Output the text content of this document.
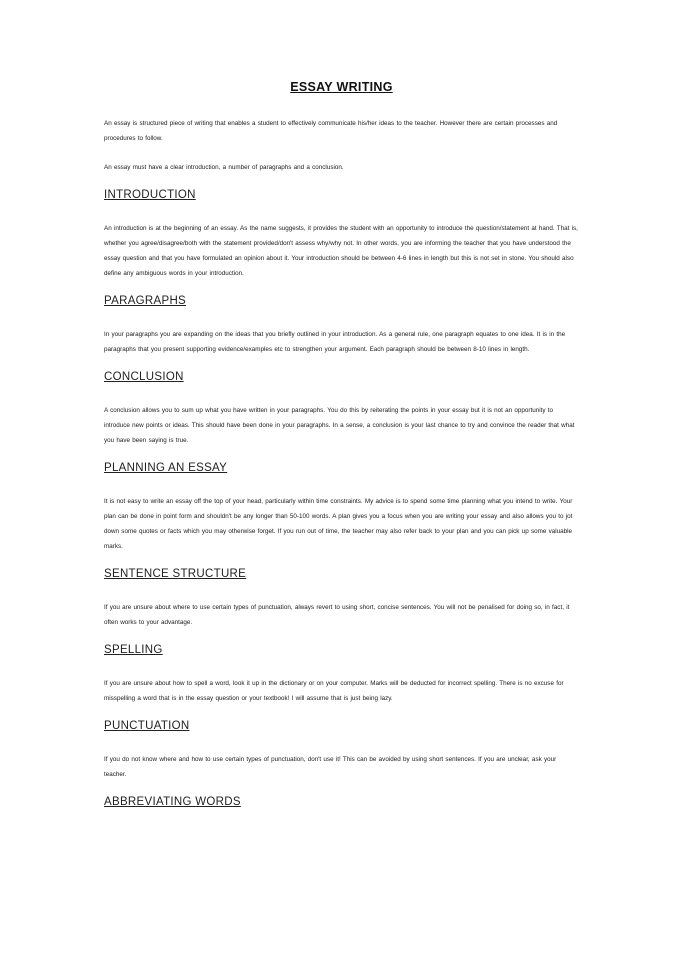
ESSAY WRITING

An essay is structured piece of writing that enables a student to effectively communicate his/her ideas to the teacher. However there are certain processes and procedures to follow.

An essay must have a clear introduction, a number of paragraphs and a conclusion.

INTRODUCTION

An introduction is at the beginning of an essay. As the name suggests, it provides the student with an opportunity to introduce the question/statement at hand. That is, whether you agree/disagree/both with the statement provided/don't assess why/why not. In other words, you are informing the teacher that you have understood the essay question and that you have formulated an opinion about it. Your introduction should be between 4-6 lines in length but this is not set in stone. You should also define any ambiguous words in your introduction.

PARAGRAPHS

In your paragraphs you are expanding on the ideas that you briefly outlined in your introduction. As a general rule, one paragraph equates to one idea. It is in the paragraphs that you present supporting evidence/examples etc to strengthen your argument. Each paragraph should be between 8-10 lines in length.

CONCLUSION

A conclusion allows you to sum up what you have written in your paragraphs. You do this by reiterating the points in your essay but it is not an opportunity to introduce new points or ideas. This should have been done in your paragraphs. In a sense, a conclusion is your last chance to try and convince the reader that what you have been saying is true.

PLANNING AN ESSAY

It is not easy to write an essay off the top of your head, particularly within time constraints. My advice is to spend some time planning what you intend to write. Your plan can be done in point form and shouldn't be any longer than 50-100 words. A plan gives you a focus when you are writing your essay and also allows you to jot down some quotes or facts which you may otherwise forget. If you run out of time, the teacher may also refer back to your plan and you can pick up some valuable marks.

SENTENCE STRUCTURE

If you are unsure about where to use certain types of punctuation, always revert to using short, concise sentences. You will not be penalised for doing so, in fact, it often works to your advantage.

SPELLING

If you are unsure about how to spell a word, look it up in the dictionary or on your computer. Marks will be deducted for incorrect spelling. There is no excuse for misspelling a word that is in the essay question or your textbook! I will assume that is just being lazy.

PUNCTUATION

If you do not know where and how to use certain types of punctuation, don't use it! This can be avoided by using short sentences. If you are unclear, ask your teacher.

ABBREVIATING WORDS
